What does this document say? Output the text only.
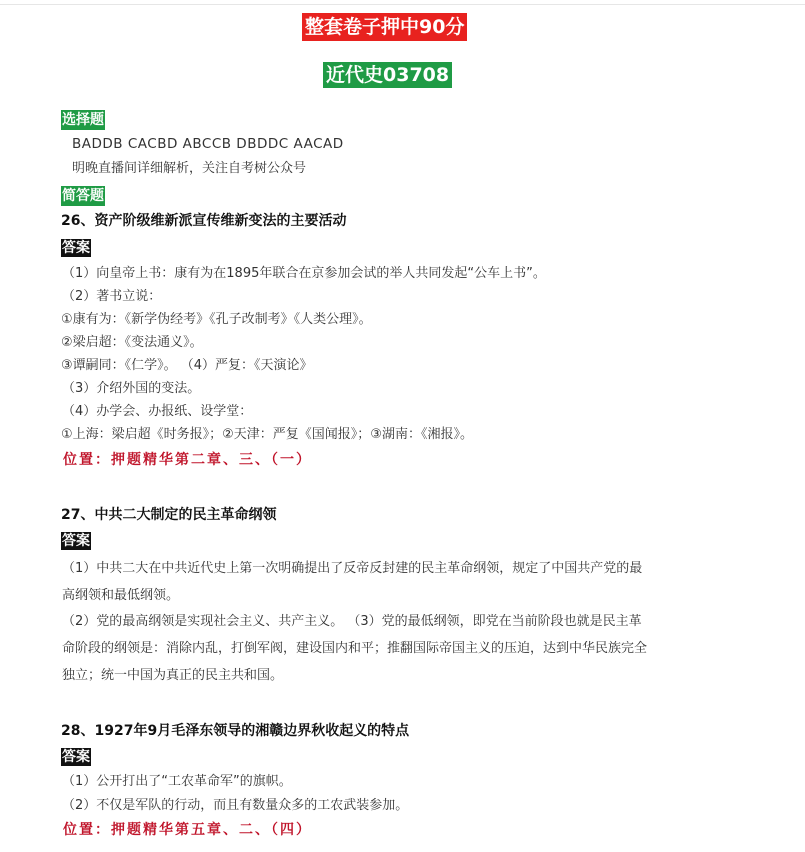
整套卷子押中90分
近代史03708
选择题
BADDB CACBD ABCCB DBDDC AACAD
明晚直播间详细解析，关注自考树公众号
简答题
26、资产阶级维新派宣传维新变法的主要活动
答案
（1）向皇帝上书：康有为在1895年联合在京参加会试的举人共同发起“公车上书”。
（2）著书立说：
①康有为：《新学伪经考》《孔子改制考》《人类公理》。
②梁启超：《变法通义》。
③谭嗣同：《仁学》。 （4）严复：《天演论》
（3）介绍外国的变法。
（4）办学会、办报纸、设学堂：
①上海：梁启超《时务报》；②天津：严复《国闻报》；③湖南：《湘报》。
位置：押题精华第二章、三、（一）
27、中共二大制定的民主革命纲领
答案
（1）中共二大在中共近代史上第一次明确提出了反帝反封建的民主革命纲领，规定了中国共产党的最
高纲领和最低纲领。
（2）党的最高纲领是实现社会主义、共产主义。 （3）党的最低纲领，即党在当前阶段也就是民主革
命阶段的纲领是：消除内乱，打倒军阀，建设国内和平；推翻国际帝国主义的压迫，达到中华民族完全
独立；统一中国为真正的民主共和国。
28、1927年9月毛泽东领导的湘赣边界秋收起义的特点
答案
（1）公开打出了“工农革命军”的旗帜。
（2）不仅是军队的行动，而且有数量众多的工农武装参加。
位置：押题精华第五章、二、（四）
